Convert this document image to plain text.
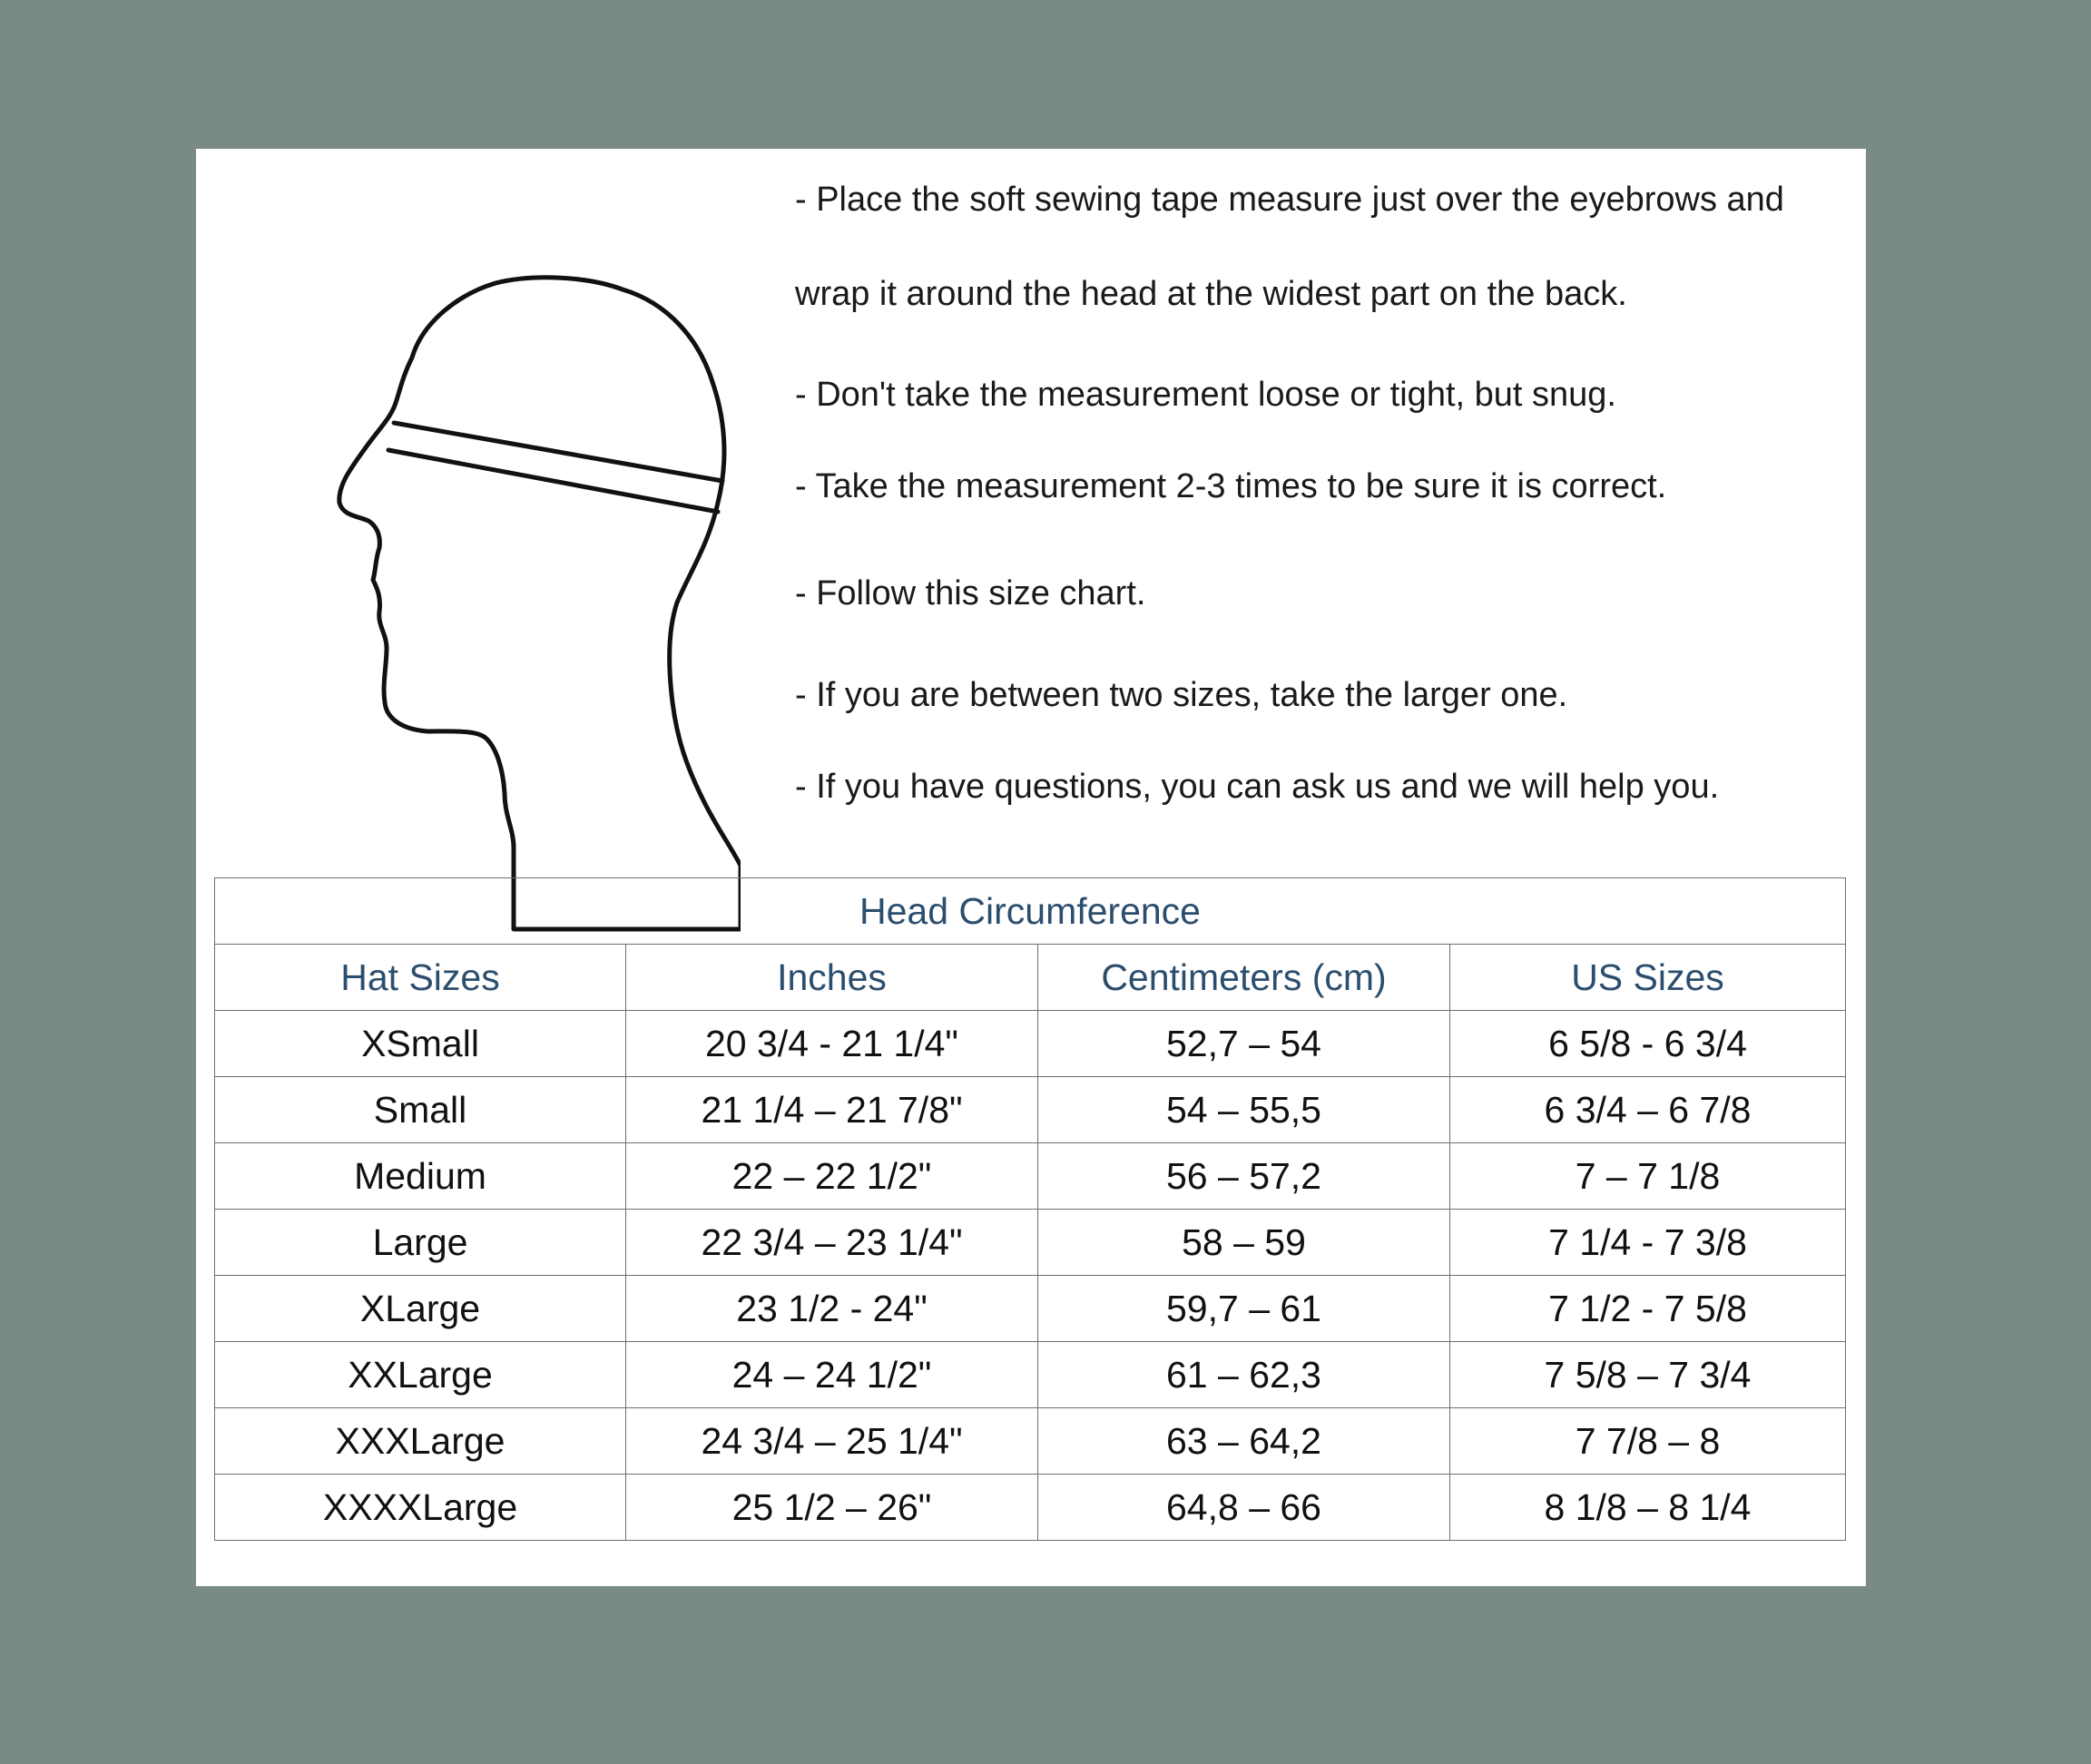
- Place the soft sewing tape measure just over the eyebrows and
wrap it around the head at the widest part on the back.
- Don't take the measurement loose or tight, but snug.
- Take the measurement 2-3 times to be sure it is correct.
- Follow this size chart.
- If you are between two sizes, take the larger one.
- If you have questions, you can ask us and we will help you.
Head Circumference			
Hat Sizes	Inches	Centimeters (cm)	US Sizes
XSmall	20 3/4 - 21 1/4"	52,7 – 54	6 5/8 - 6 3/4
Small	21 1/4 – 21 7/8"	54 – 55,5	6 3/4 – 6 7/8
Medium	22 – 22 1/2"	56 – 57,2	7 – 7 1/8
Large	22 3/4 – 23 1/4"	58 – 59	7 1/4 - 7 3/8
XLarge	23 1/2 - 24"	59,7 – 61	7 1/2 - 7 5/8
XXLarge	24 – 24 1/2"	61 – 62,3	7 5/8 – 7 3/4
XXXLarge	24 3/4 – 25 1/4"	63 – 64,2	7 7/8 – 8
XXXXLarge	25 1/2 – 26"	64,8 – 66	8 1/8 – 8 1/4
